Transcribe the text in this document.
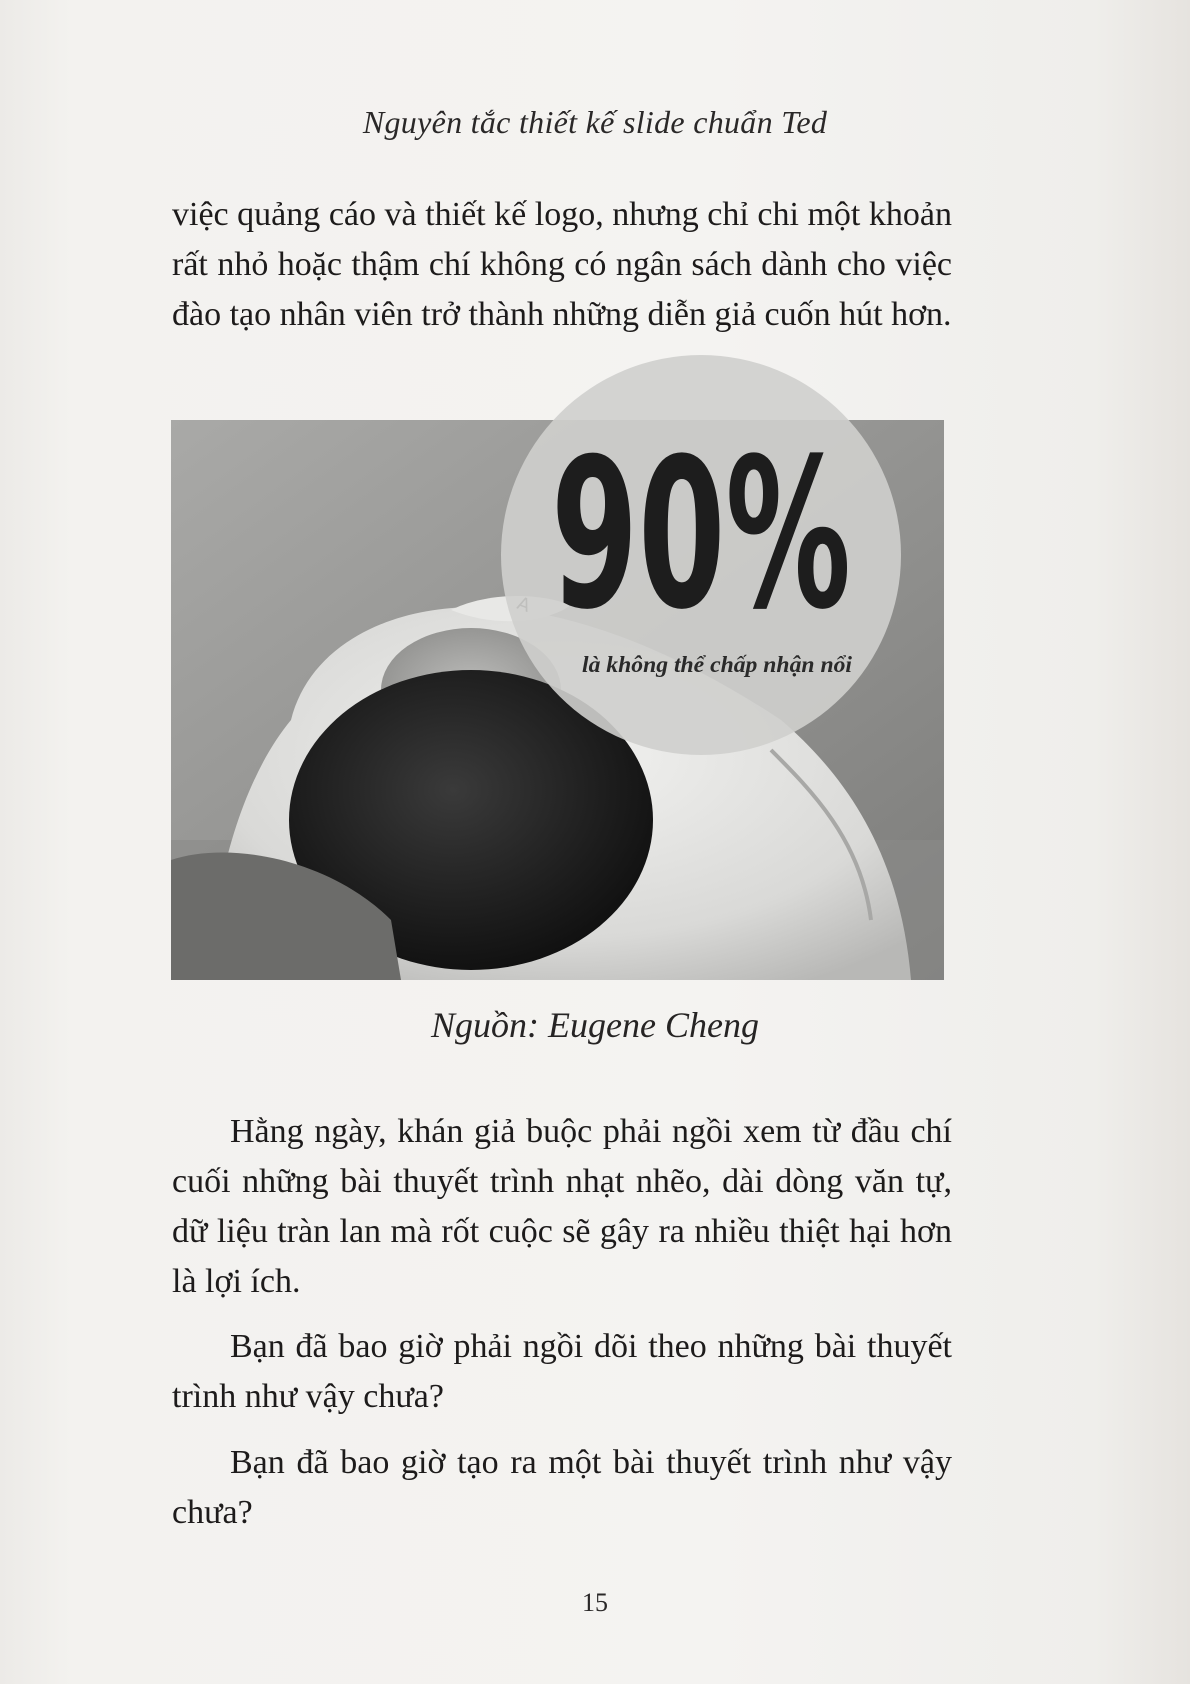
Nguyên tắc thiết kế slide chuẩn Ted

việc quảng cáo và thiết kế logo, nhưng chỉ chi một khoản rất nhỏ hoặc thậm chí không có ngân sách dành cho việc đào tạo nhân viên trở thành những diễn giả cuốn hút hơn.

90%
là không thể chấp nhận nổi
Nguồn: Eugene Cheng

Hằng ngày, khán giả buộc phải ngồi xem từ đầu chí cuối những bài thuyết trình nhạt nhẽo, dài dòng văn tự, dữ liệu tràn lan mà rốt cuộc sẽ gây ra nhiều thiệt hại hơn là lợi ích.

Bạn đã bao giờ phải ngồi dõi theo những bài thuyết trình như vậy chưa?

Bạn đã bao giờ tạo ra một bài thuyết trình như vậy chưa?

15
